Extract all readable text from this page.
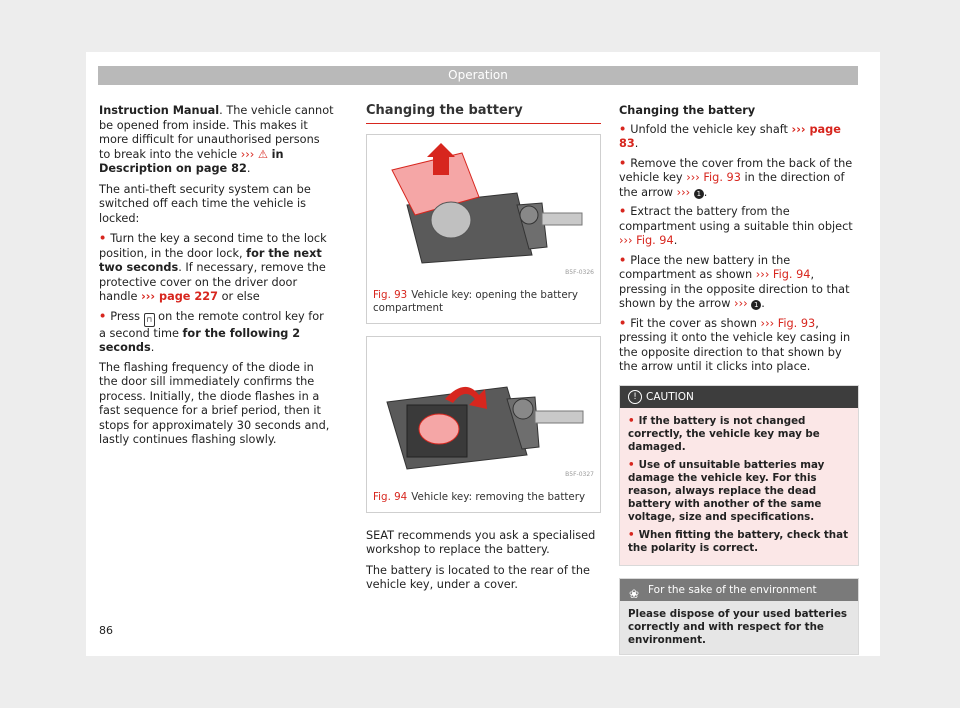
Operation

Instruction Manual. The vehicle cannot be opened from inside. This makes it more difficult for unauthorised persons to break into the vehicle ››› ⚠ in Description on page 82.

The anti-theft security system can be switched off each time the vehicle is locked:

• Turn the key a second time to the lock position, in the door lock, for the next two seconds. If necessary, remove the protective cover on the driver door handle ››› page 227 or else

• Press ⊓ on the remote control key for a second time for the following 2 seconds.

The flashing frequency of the diode in the door sill immediately confirms the process. Initially, the diode flashes in a fast sequence for a brief period, then it stops for approximately 30 seconds and, lastly continues flashing slowly.

Changing the battery
B5F-0326
Fig. 93 Vehicle key: opening the battery compartment
B5F-0327
Fig. 94 Vehicle key: removing the battery

SEAT recommends you ask a specialised workshop to replace the battery.

The battery is located to the rear of the vehicle key, under a cover.

Changing the battery

• Unfold the vehicle key shaft ››› page 83.

• Remove the cover from the back of the vehicle key ››› Fig. 93 in the direction of the arrow ››› 1 .

• Extract the battery from the compartment using a suitable thin object ››› Fig. 94.

• Place the new battery in the compartment as shown ››› Fig. 94, pressing in the opposite direction to that shown by the arrow ››› 1 .

• Fit the cover as shown ››› Fig. 93, pressing it onto the vehicle key casing in the opposite direction to that shown by the arrow until it clicks into place.

! CAUTION

• If the battery is not changed correctly, the vehicle key may be damaged.

• Use of unsuitable batteries may damage the vehicle key. For this reason, always replace the dead battery with another of the same voltage, size and specifications.

• When fitting the battery, check that the polarity is correct.

❀ For the sake of the environment
Please dispose of your used batteries correctly and with respect for the environment.
86
